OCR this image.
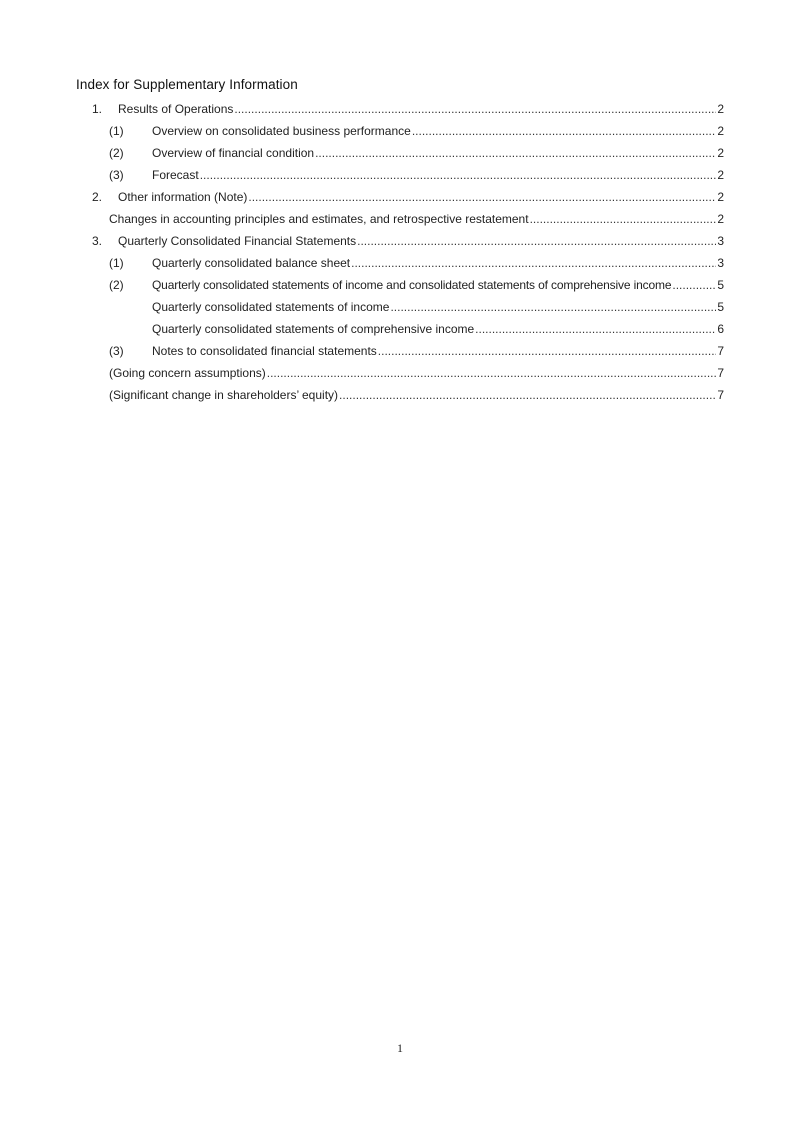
Index for Supplementary Information
1.	Results of Operations .....	2
(1)	Overview on consolidated business performance .....	2
(2)	Overview of financial condition .....	2
(3)	Forecast .....	2
2.	Other information (Note) .....	2
Changes in accounting principles and estimates, and retrospective restatement .....	2
3.	Quarterly Consolidated Financial Statements .....	3
(1)	Quarterly consolidated balance sheet .....	3
(2)	Quarterly consolidated statements of income and consolidated statements of comprehensive income .....	5
Quarterly consolidated statements of income .....	5
Quarterly consolidated statements of comprehensive income .....	6
(3)	Notes to consolidated financial statements .....	7
(Going concern assumptions) .....	7
(Significant change in shareholders’ equity) .....	7
1
